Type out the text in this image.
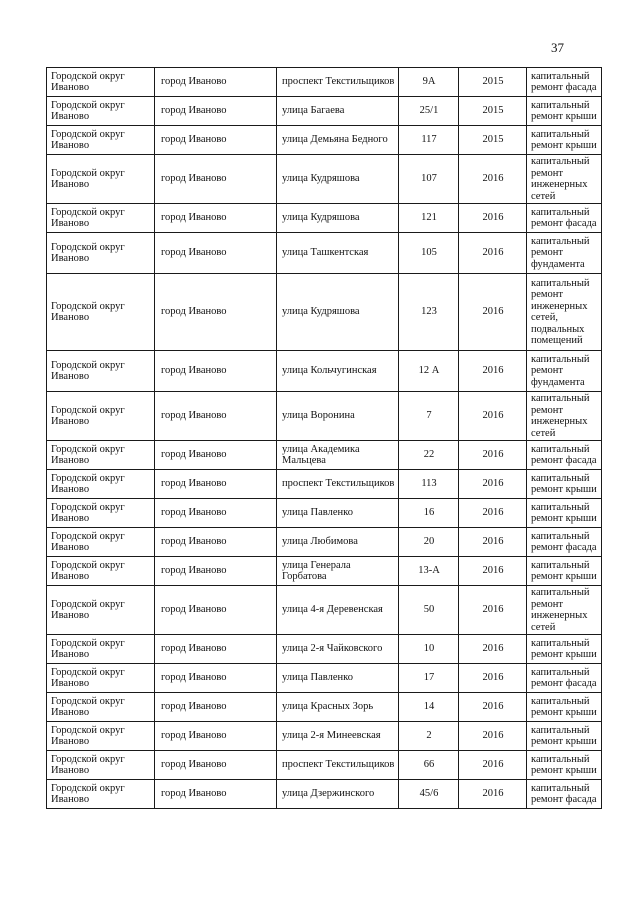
37
Городской округ Иваново	город Иваново	проспект Текстильщиков	9А	2015	капитальный ремонт фасада
Городской округ Иваново	город Иваново	улица Багаева	25/1	2015	капитальный ремонт крыши
Городской округ Иваново	город Иваново	улица Демьяна Бедного	117	2015	капитальный ремонт крыши
Городской округ Иваново	город Иваново	улица Кудряшова	107	2016	капитальный ремонт инженерных сетей
Городской округ Иваново	город Иваново	улица Кудряшова	121	2016	капитальный ремонт фасада
Городской округ Иваново	город Иваново	улица Ташкентская	105	2016	капитальный ремонт фундамента
Городской округ Иваново	город Иваново	улица Кудряшова	123	2016	капитальный ремонт инженерных сетей, подвальных помещений
Городской округ Иваново	город Иваново	улица Кольчугинская	12 А	2016	капитальный ремонт фундамента
Городской округ Иваново	город Иваново	улица Воронина	7	2016	капитальный ремонт инженерных сетей
Городской округ Иваново	город Иваново	улица Академика Мальцева	22	2016	капитальный ремонт фасада
Городской округ Иваново	город Иваново	проспект Текстильщиков	113	2016	капитальный ремонт крыши
Городской округ Иваново	город Иваново	улица Павленко	16	2016	капитальный ремонт крыши
Городской округ Иваново	город Иваново	улица Любимова	20	2016	капитальный ремонт фасада
Городской округ Иваново	город Иваново	улица Генерала Горбатова	13-А	2016	капитальный ремонт крыши
Городской округ Иваново	город Иваново	улица 4-я Деревенская	50	2016	капитальный ремонт инженерных сетей
Городской округ Иваново	город Иваново	улица 2-я Чайковского	10	2016	капитальный ремонт крыши
Городской округ Иваново	город Иваново	улица Павленко	17	2016	капитальный ремонт фасада
Городской округ Иваново	город Иваново	улица Красных Зорь	14	2016	капитальный ремонт крыши
Городской округ Иваново	город Иваново	улица 2-я Минеевская	2	2016	капитальный ремонт крыши
Городской округ Иваново	город Иваново	проспект Текстильщиков	66	2016	капитальный ремонт крыши
Городской округ Иваново	город Иваново	улица Дзержинского	45/6	2016	капитальный ремонт фасада
